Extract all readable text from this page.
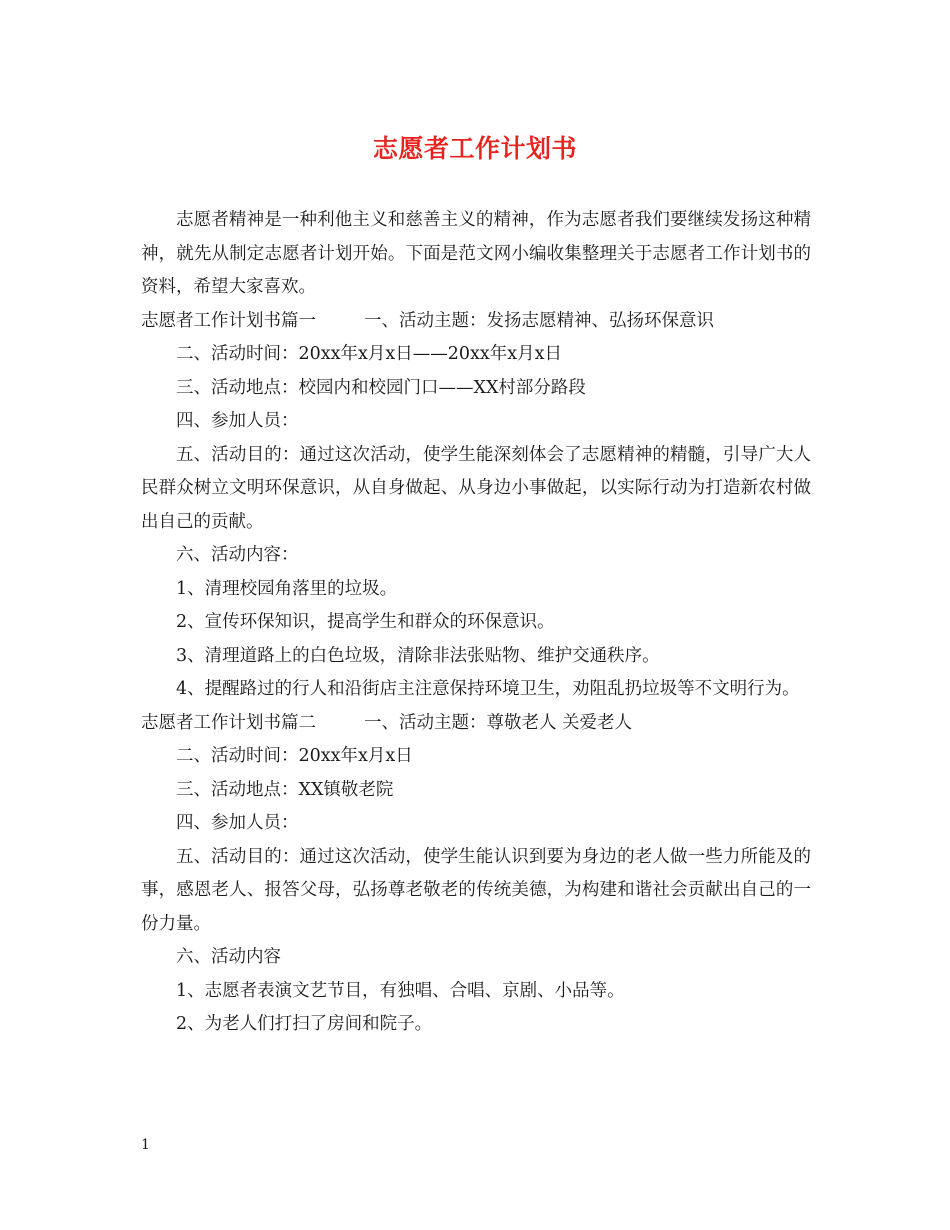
志愿者工作计划书

志愿者精神是一种利他主义和慈善主义的精神，作为志愿者我们要继续发扬这种精神，就先从制定志愿者计划开始。下面是范文网小编收集整理关于志愿者工作计划书的资料，希望大家喜欢。

志愿者工作计划书篇一	一、活动主题：发扬志愿精神、弘扬环保意识

二、活动时间：20xx年x月x日——20xx年x月x日

三、活动地点：校园内和校园门口——XX村部分路段

四、参加人员：

五、活动目的：通过这次活动，使学生能深刻体会了志愿精神的精髓，引导广大人民群众树立文明环保意识，从自身做起、从身边小事做起，以实际行动为打造新农村做出自己的贡献。

六、活动内容：

1、清理校园角落里的垃圾。

2、宣传环保知识，提高学生和群众的环保意识。

3、清理道路上的白色垃圾，清除非法张贴物、维护交通秩序。

4、提醒路过的行人和沿街店主注意保持环境卫生，劝阻乱扔垃圾等不文明行为。

志愿者工作计划书篇二	一、活动主题：尊敬老人 关爱老人

二、活动时间：20xx年x月x日

三、活动地点：XX镇敬老院

四、参加人员：

五、活动目的：通过这次活动，使学生能认识到要为身边的老人做一些力所能及的事，感恩老人、报答父母，弘扬尊老敬老的传统美德，为构建和谐社会贡献出自己的一份力量。

六、活动内容

1、志愿者表演文艺节目，有独唱、合唱、京剧、小品等。

2、为老人们打扫了房间和院子。

1
